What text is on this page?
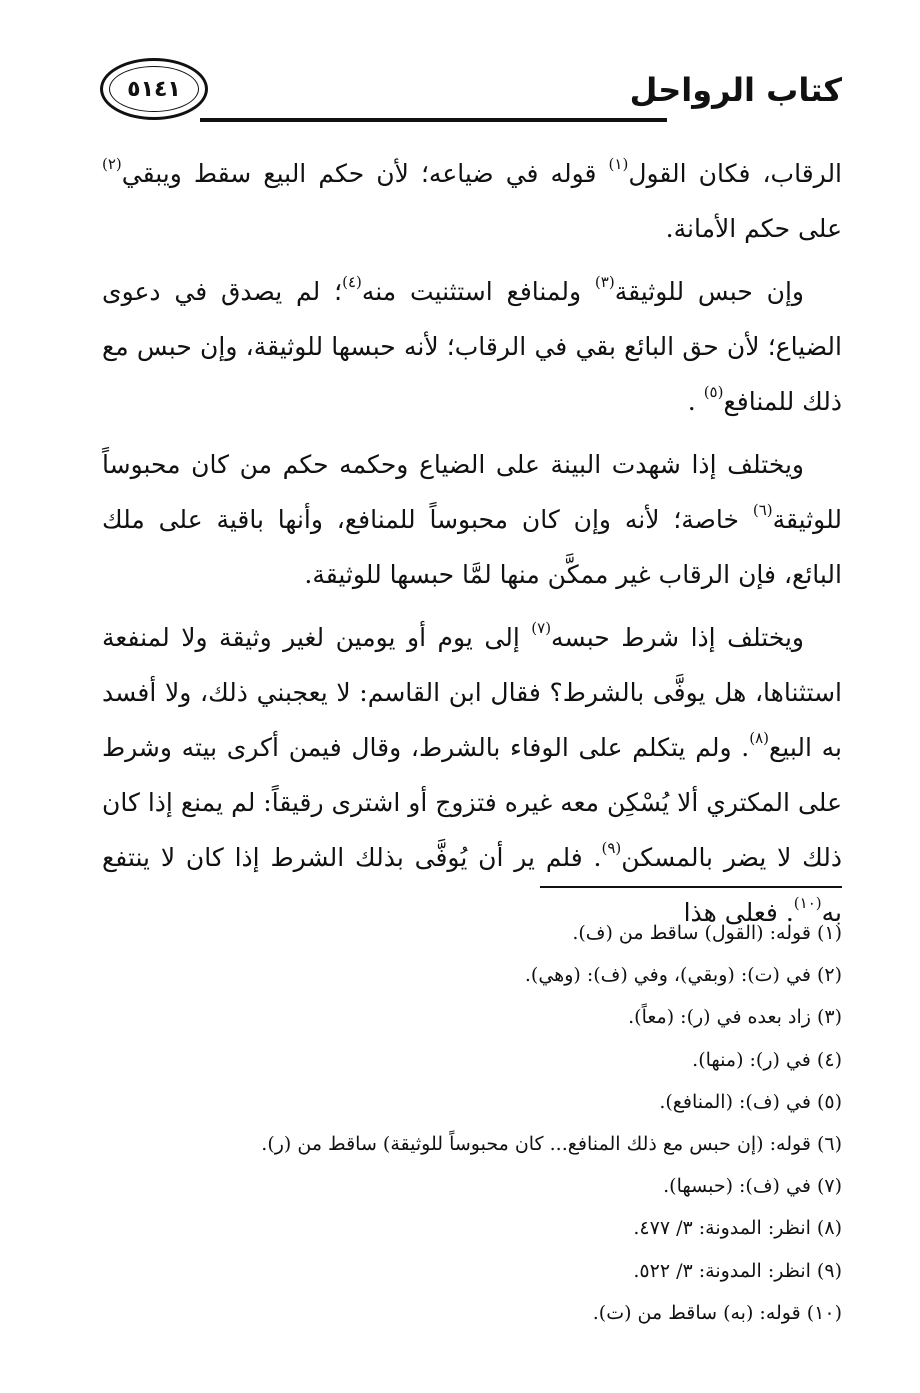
كتاب الرواحل
٥١٤١

الرقاب، فكان القول$^{(١)}$ قوله في ضياعه؛ لأن حكم البيع سقط ويبقي$^{(٢)}$ على حكم الأمانة.

وإن حبس للوثيقة$^{(٣)}$ ولمنافع استثنيت منه$^{(٤)}$؛ لم يصدق في دعوى الضياع؛ لأن حق البائع بقي في الرقاب؛ لأنه حبسها للوثيقة، وإن حبس مع ذلك للمنافع$^{(٥)}$ .

ويختلف إذا شهدت البينة على الضياع وحكمه حكم من كان محبوساً للوثيقة$^{(٦)}$ خاصة؛ لأنه وإن كان محبوساً للمنافع، وأنها باقية على ملك البائع، فإن الرقاب غير ممكَّن منها لمَّا حبسها للوثيقة.

ويختلف إذا شرط حبسه$^{(٧)}$ إلى يوم أو يومين لغير وثيقة ولا لمنفعة استثناها، هل يوفَّى بالشرط؟ فقال ابن القاسم: لا يعجبني ذلك، ولا أفسد به البيع$^{(٨)}$. ولم يتكلم على الوفاء بالشرط، وقال فيمن أكرى بيته وشرط على المكتري ألا يُسْكِن معه غيره فتزوج أو اشترى رقيقاً: لم يمنع إذا كان ذلك لا يضر بالمسكن$^{(٩)}$. فلم ير أن يُوفَّى بذلك الشرط إذا كان لا ينتفع به$^{(١٠)}$. فعلى هذا

(١) قوله: (القول) ساقط من (ف).
(٢) في (ت): (وبقي)، وفي (ف): (وهي).
(٣) زاد بعده في (ر): (معاً).
(٤) في (ر): (منها).
(٥) في (ف): (المنافع).
(٦) قوله: (إن حبس مع ذلك المنافع... كان محبوساً للوثيقة) ساقط من (ر).
(٧) في (ف): (حبسها).
(٨) انظر: المدونة: ٣/ ٤٧٧.
(٩) انظر: المدونة: ٣/ ٥٢٢.
(١٠) قوله: (به) ساقط من (ت).
